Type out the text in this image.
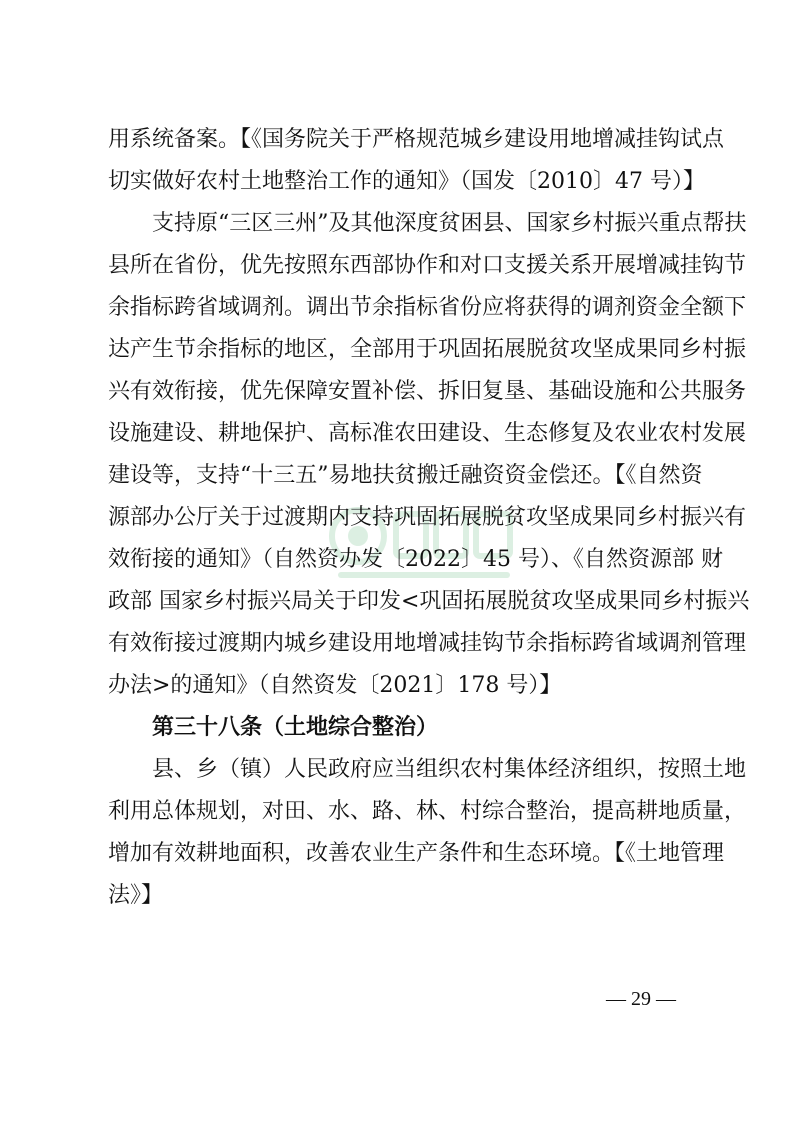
用系统备案。【《国务院关于严格规范城乡建设用地增减挂钩试点
切实做好农村土地整治工作的通知》（国发〔2010〕47 号）】
支持原“三区三州”及其他深度贫困县、国家乡村振兴重点帮扶
县所在省份，优先按照东西部协作和对口支援关系开展增减挂钩节
余指标跨省域调剂。调出节余指标省份应将获得的调剂资金全额下
达产生节余指标的地区，全部用于巩固拓展脱贫攻坚成果同乡村振
兴有效衔接，优先保障安置补偿、拆旧复垦、基础设施和公共服务
设施建设、耕地保护、高标准农田建设、生态修复及农业农村发展
建设等，支持“十三五”易地扶贫搬迁融资资金偿还。【《自然资
源部办公厅关于过渡期内支持巩固拓展脱贫攻坚成果同乡村振兴有
效衔接的通知》（自然资办发〔2022〕45 号）、《自然资源部 财
政部 国家乡村振兴局关于印发<巩固拓展脱贫攻坚成果同乡村振兴
有效衔接过渡期内城乡建设用地增减挂钩节余指标跨省域调剂管理
办法>的通知》（自然资发〔2021〕178 号）】
第三十八条（土地综合整治）
县、乡（镇）人民政府应当组织农村集体经济组织，按照土地
利用总体规划，对田、水、路、林、村综合整治，提高耕地质量，
增加有效耕地面积，改善农业生产条件和生态环境。【《土地管理
法》】
— 29 —
